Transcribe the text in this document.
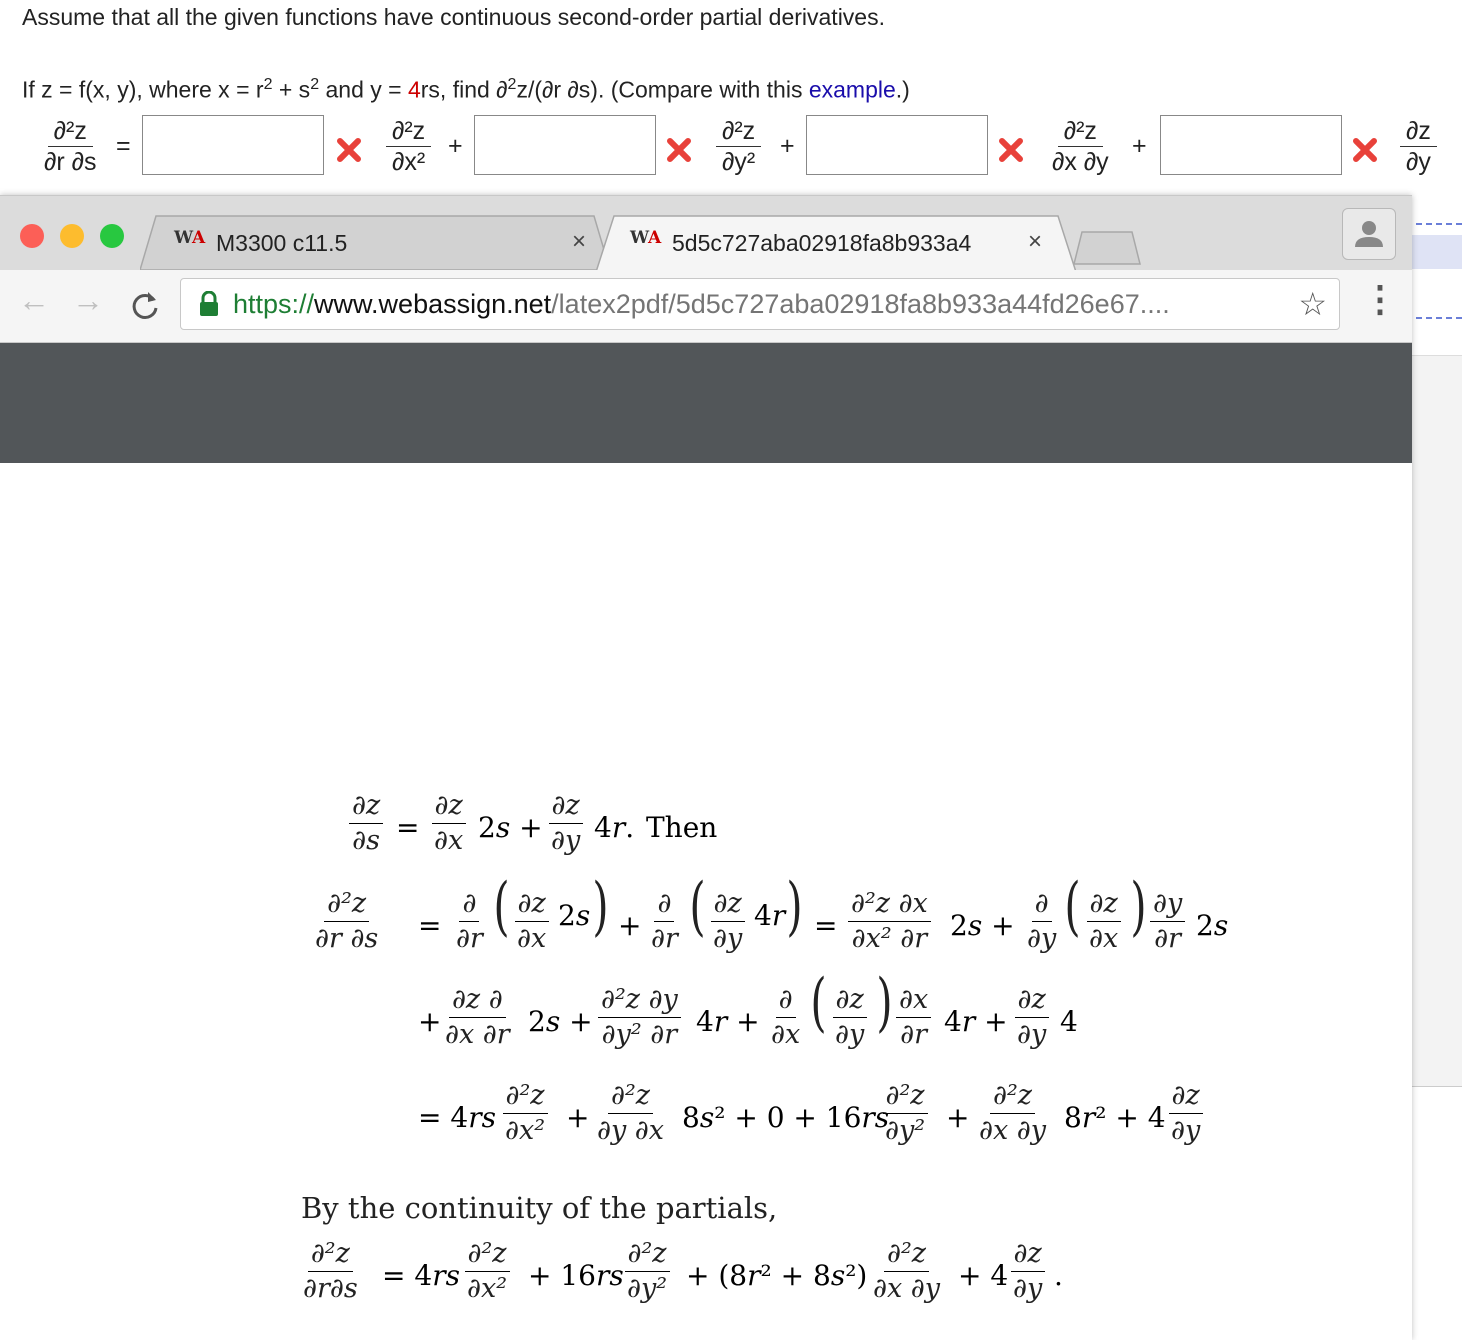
Assume that all the given functions have continuous second-order partial derivatives.
If z = f(x, y), where $x = r^2 + s^2$ and y = 4rs, find ∂$^2$z/(∂r ∂s). (Compare with this example.)
$\frac{\text{∂²z}}{\partial r \partial s}$ =	$\frac{\text{∂²z}}{\text{∂x²}}$ +	$\frac{\text{∂²z}}{\text{∂y²}}$ +	$\frac{\text{∂²z}}{\partial x \partial y}$ +	$\frac{\partial z}{\partial y}$
WA M3300 c11.5	×	WA 5d5c727aba02918fa8b933a4	×
← →	https://www.webassign.net/latex2pdf/5d5c727aba02918fa8b933a44fd26e67....	☆ ⋮
$\frac{\partial z}{\partial s} = \frac{\partial z}{\partial x} 2s + \frac{\partial z}{\partial y} 4r$. Then
$\frac{\text{∂²z}}{\partial r \partial s}$ =
∂
∂r ( $\frac{\partial z}{\partial x} 2s$ ) +
∂
∂r ( $\frac{\partial z}{\partial y} 4r$ ) = $\frac{\text{∂²z ∂x}}{\text{∂x² ∂r}} 2s$ +
∂
∂y ( $\frac{\partial z}{\partial x}$ ) $\frac{\partial y}{\partial r} 2s$
+ $\frac{\partial z \partial}{\partial x \partial r} 2s + \frac{\text{∂²z ∂y}}{\text{∂y² ∂r}} 4r$ +
∂
∂x ( $\frac{\partial z}{\partial y}$ ) $\frac{\partial x}{\partial r} 4r + \frac{\partial z}{\partial y} 4$
= $4rs \frac{\text{∂²z}}{\text{∂x²}} + \frac{\text{∂²z}}{\partial y \partial x} 8s^2 + 0 + 16rs$
$\frac{\text{∂²z}}{\text{∂y²}} + \frac{\text{∂²z}}{\partial x \partial y} 8r^2 + 4 \frac{\partial z}{\partial y}$
By the continuity of the partials,
$\frac{\text{∂²z}}{\partial r\partial s} = 4rs \frac{\text{∂²z}}{\text{∂x²}} + 16rs \frac{\text{∂²z}}{\text{∂y²}} + (8r^2 + 8s^2) \frac{\text{∂²z}}{\partial x \partial y} + 4 \frac{\partial z}{\partial y}$ .
